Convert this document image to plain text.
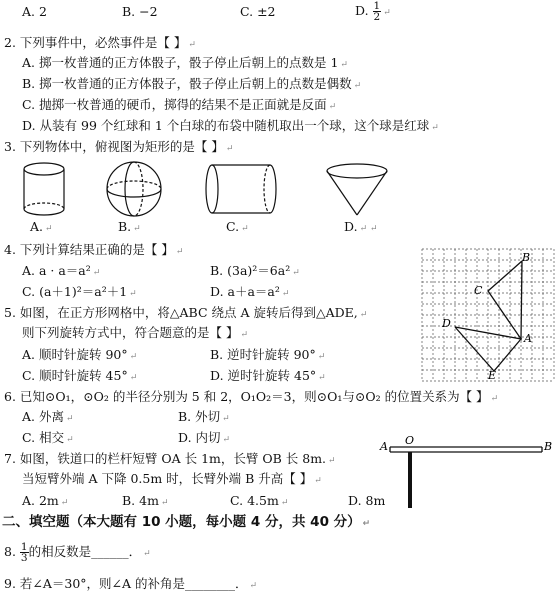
A. 2	B. −2	C. ±2	D. $\frac{1}{2}$ ↵
2. 下列事件中，必然事件是【 】 ↵
A. 掷一枚普通的正方体骰子，骰子停止后朝上的点数是 1 ↵
B. 掷一枚普通的正方体骰子，骰子停止后朝上的点数是偶数 ↵
C. 抛掷一枚普通的硬币，掷得的结果不是正面就是反面 ↵
D. 从装有 99 个红球和 1 个白球的布袋中随机取出一个球，这个球是红球 ↵
3. 下列物体中，俯视图为矩形的是【 】 ↵
A. ↵	B. ↵	C. ↵	D. ↵ ↵
4. 下列计算结果正确的是【 】 ↵
A. a · a＝a² ↵	B. (3a)²＝6a² ↵
C. (a＋1)²＝a²＋1 ↵	D. a＋a＝a² ↵
5. 如图，在正方形网格中，将△ABC 绕点 A 旋转后得到△ADE, ↵
则下列旋转方式中，符合题意的是【 】 ↵
A. 顺时针旋转 90° ↵	B. 逆时针旋转 90° ↵
C. 顺时针旋转 45° ↵	D. 逆时针旋转 45° ↵
B
C
D
A
E
6. 已知⊙O₁，⊙O₂ 的半径分别为 5 和 2，O₁O₂＝3，则⊙O₁与⊙O₂ 的位置关系为【 】 ↵
A. 外离 ↵	B. 外切 ↵
C. 相交 ↵	D. 内切 ↵
7. 如图，铁道口的栏杆短臂 OA 长 1m，长臂 OB 长 8m. ↵
当短臂外端 A 下降 0.5m 时，长臂外端 B 升高【 】 ↵
A. 2m ↵	B. 4m ↵	C. 4.5m ↵	D. 8m
A O	B
二、填空题（本大题有 10 小题，每小题 4 分，共 40 分） ↵
8. $\frac{1}{3}$ 的相反数是______． ↵
9. 若∠A＝30°，则∠A 的补角是________． ↵
